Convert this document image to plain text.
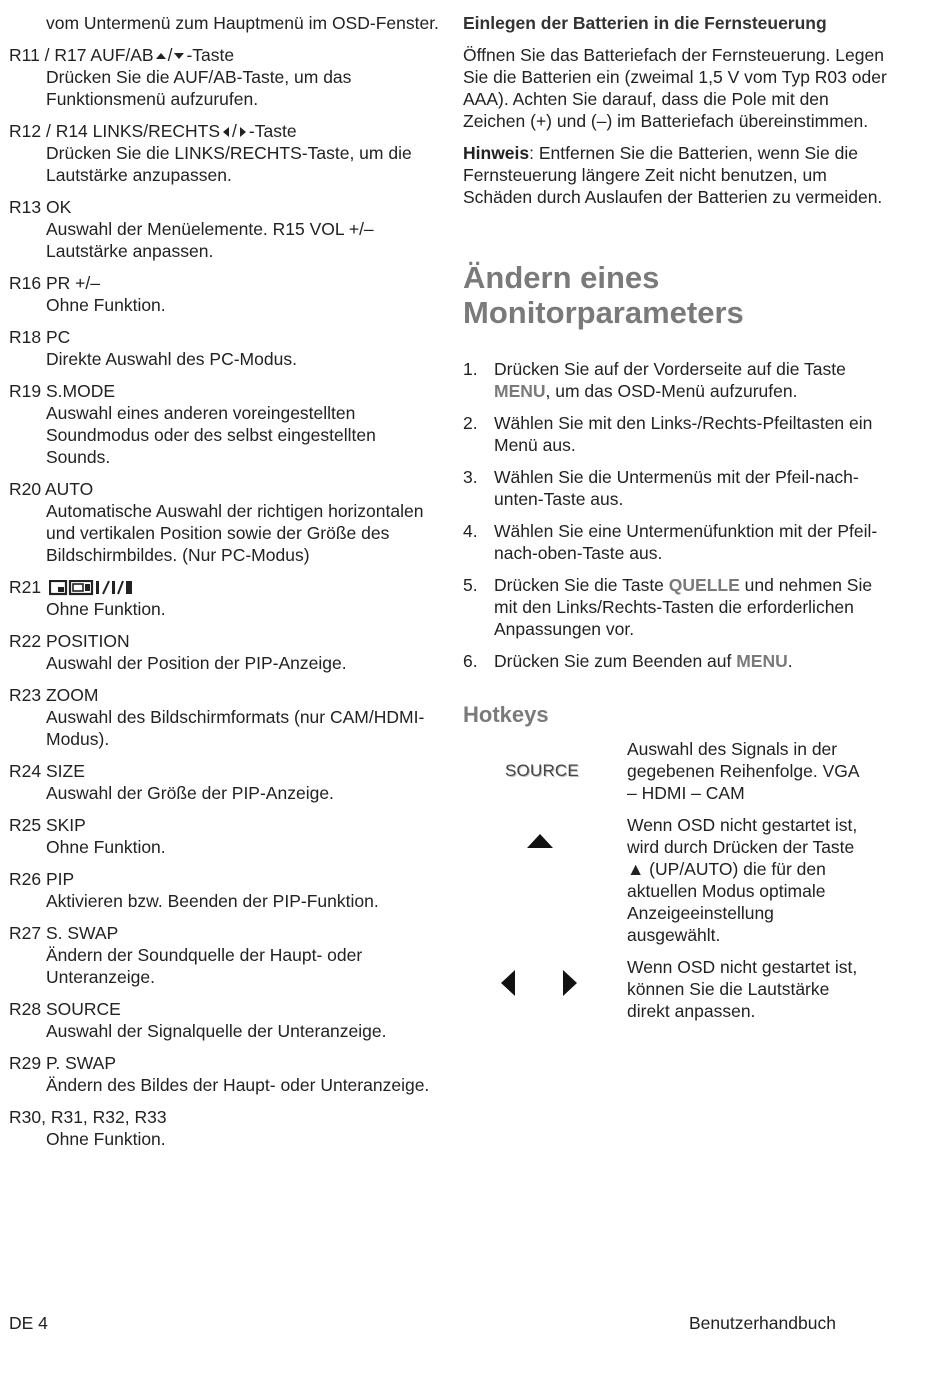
vom Untermenü zum Hauptmenü im OSD-Fenster.
R11 / R17 AUF/AB / -Taste
Drücken Sie die AUF/AB-Taste, um das Funktionsmenü aufzurufen.
R12 / R14 LINKS/RECHTS / -Taste
Drücken Sie die LINKS/RECHTS-Taste, um die Lautstärke anzupassen.
R13 OK
Auswahl der Menüelemente. R15 VOL +/– Lautstärke anpassen.
R16 PR +/–
Ohne Funktion.
R18 PC
Direkte Auswahl des PC-Modus.
R19 S.MODE
Auswahl eines anderen voreingestellten Soundmodus oder des selbst eingestellten Sounds.
R20 AUTO
Automatische Auswahl der richtigen horizontalen und vertikalen Position sowie der Größe des Bildschirmbildes. (Nur PC-Modus)
R21
Ohne Funktion.
R22 POSITION
Auswahl der Position der PIP-Anzeige.
R23 ZOOM
Auswahl des Bildschirmformats (nur CAM/HDMI-Modus).
R24 SIZE
Auswahl der Größe der PIP-Anzeige.
R25 SKIP
Ohne Funktion.
R26 PIP
Aktivieren bzw. Beenden der PIP-Funktion.
R27 S. SWAP
Ändern der Soundquelle der Haupt- oder Unteranzeige.
R28 SOURCE
Auswahl der Signalquelle der Unteranzeige.
R29 P. SWAP
Ändern des Bildes der Haupt- oder Unteranzeige.
R30, R31, R32, R33
Ohne Funktion.
Einlegen der Batterien in die Fernsteuerung
Öffnen Sie das Batteriefach der Fernsteuerung. Legen Sie die Batterien ein (zweimal 1,5 V vom Typ R03 oder AAA). Achten Sie darauf, dass die Pole mit den Zeichen (+) und (–) im Batteriefach übereinstimmen.
Hinweis: Entfernen Sie die Batterien, wenn Sie die Fernsteuerung längere Zeit nicht benutzen, um Schäden durch Auslaufen der Batterien zu vermeiden.
Ändern eines Monitorparameters
1. Drücken Sie auf der Vorderseite auf die Taste MENU, um das OSD-Menü aufzurufen.
2. Wählen Sie mit den Links-/Rechts-Pfeiltasten ein Menü aus.
3. Wählen Sie die Untermenüs mit der Pfeil-nach-unten-Taste aus.
4. Wählen Sie eine Untermenüfunktion mit der Pfeil-nach-oben-Taste aus.
5. Drücken Sie die Taste QUELLE und nehmen Sie mit den Links/Rechts-Tasten die erforderlichen Anpassungen vor.
6. Drücken Sie zum Beenden auf MENU.
Hotkeys
SOURCE
Auswahl des Signals in der gegebenen Reihenfolge. VGA – HDMI – CAM
Wenn OSD nicht gestartet ist, wird durch Drücken der Taste ▲ (UP/AUTO) die für den aktuellen Modus optimale Anzeigeeinstellung ausgewählt.
Wenn OSD nicht gestartet ist, können Sie die Lautstärke direkt anpassen.
DE 4	Benutzerhandbuch
